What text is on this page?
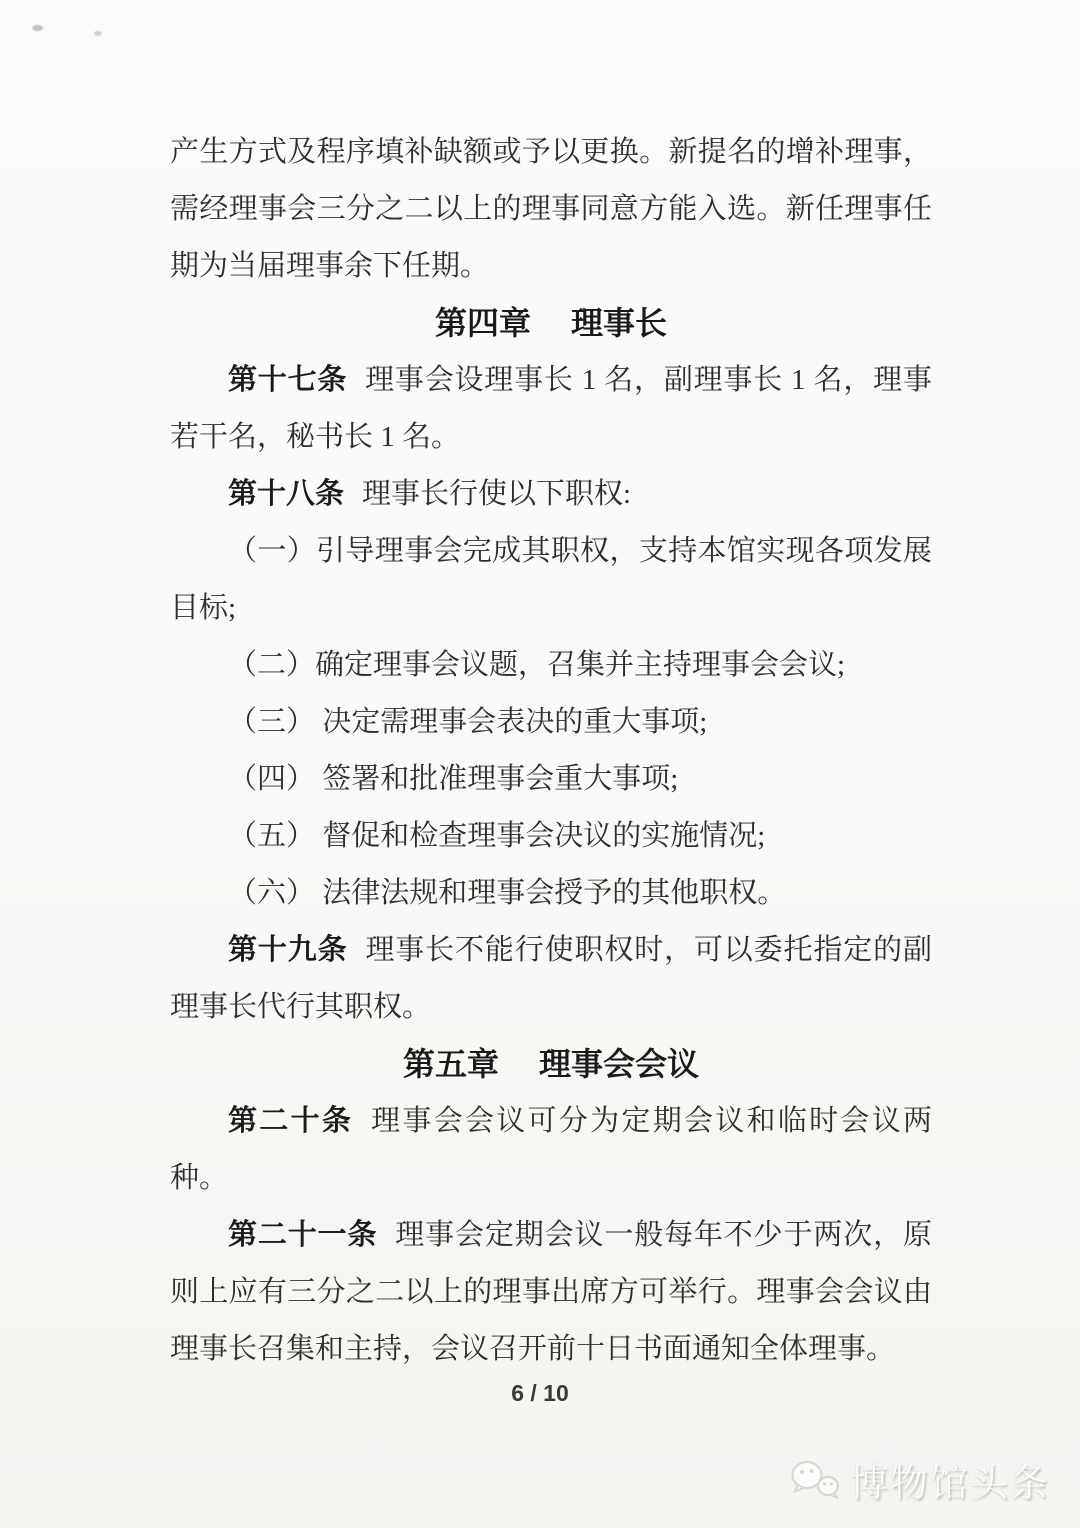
产生方式及程序填补缺额或予以更换。新提名的增补理事，需经理事会三分之二以上的理事同意方能入选。新任理事任期为当届理事余下任期。

第四章 理事长

第十七条 理事会设理事长 1 名，副理事长 1 名，理事若干名，秘书长 1 名。

第十八条 理事长行使以下职权:

（一）引导理事会完成其职权，支持本馆实现各项发展目标;

（二）确定理事会议题，召集并主持理事会会议;

（三） 决定需理事会表决的重大事项;

（四） 签署和批准理事会重大事项;

（五） 督促和检查理事会决议的实施情况;

（六） 法律法规和理事会授予的其他职权。

第十九条 理事长不能行使职权时，可以委托指定的副理事长代行其职权。

第五章 理事会会议

第二十条 理事会会议可分为定期会议和临时会议两种。

第二十一条 理事会定期会议一般每年不少于两次，原则上应有三分之二以上的理事出席方可举行。理事会会议由理事长召集和主持，会议召开前十日书面通知全体理事。

6 / 10
博物馆头条
